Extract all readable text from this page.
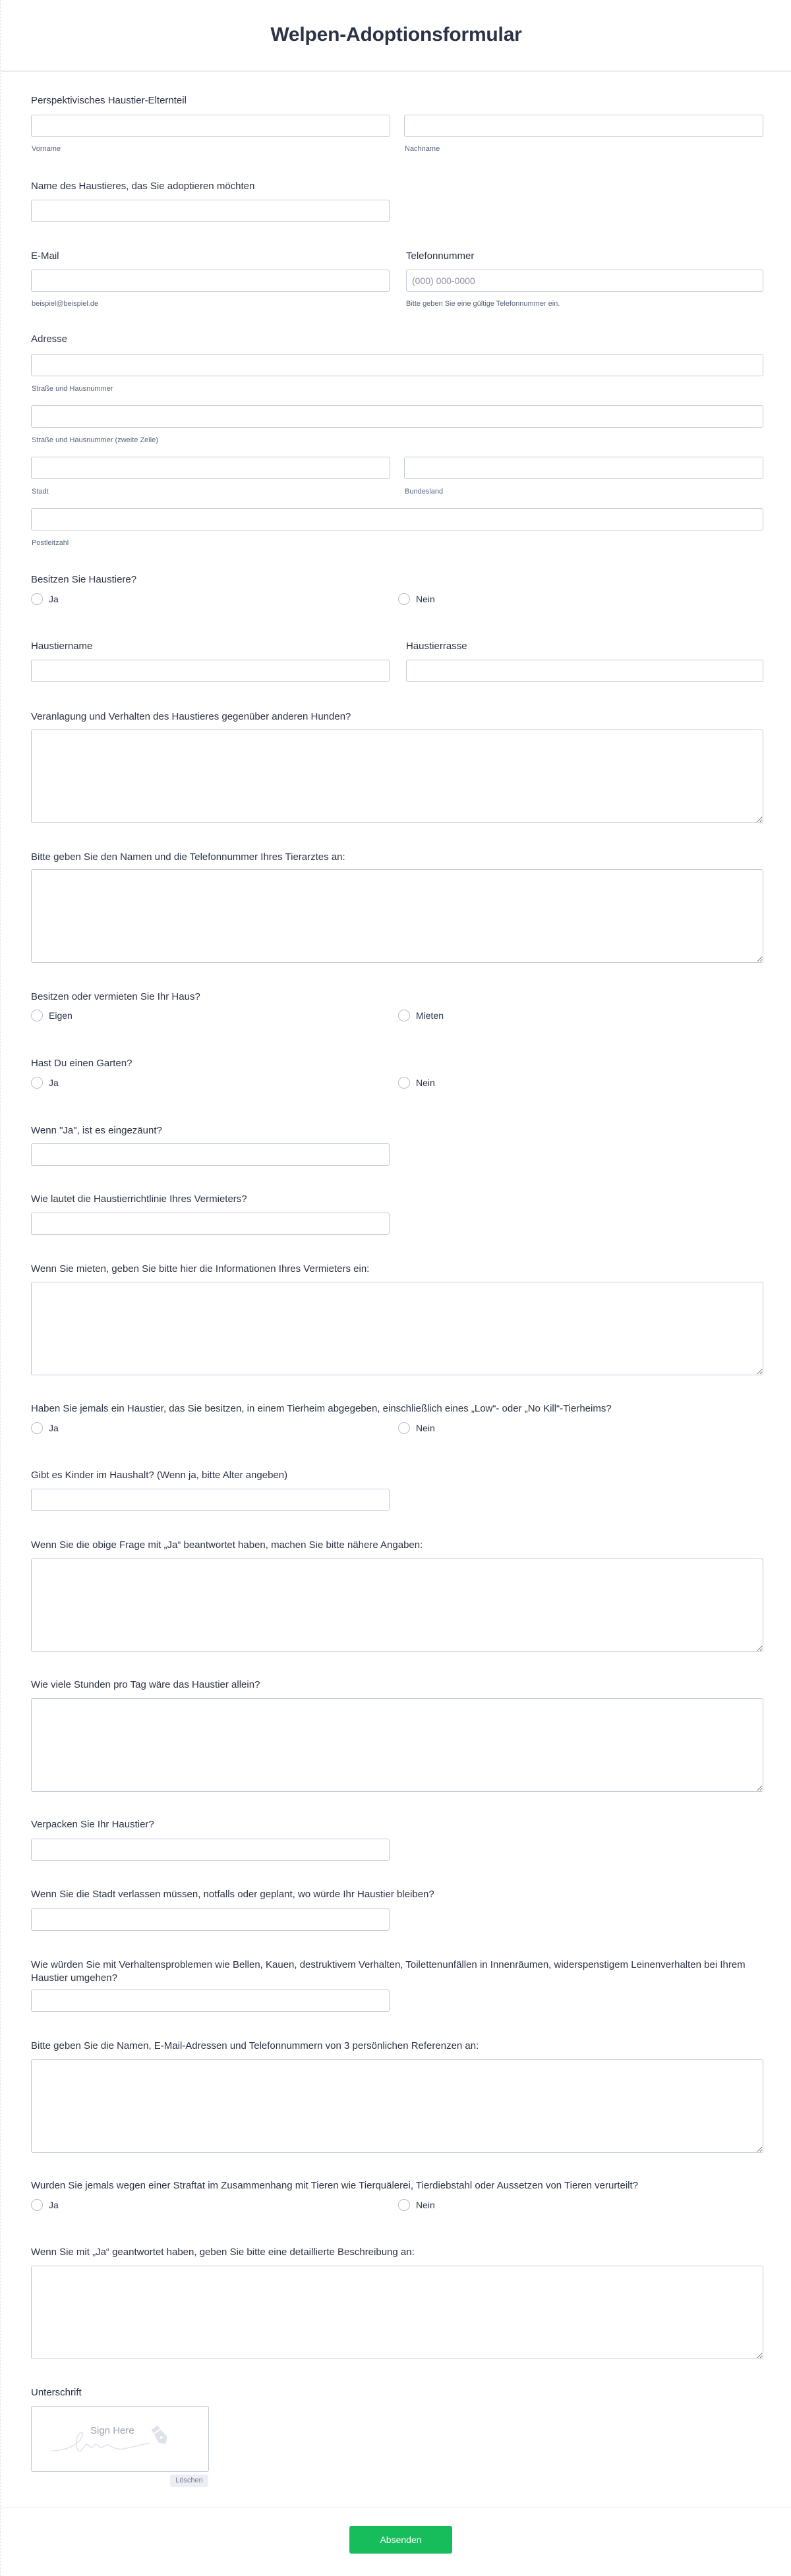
Welpen-Adoptionsformular
Perspektivisches Haustier-Elternteil
Vorname	Nachname
Name des Haustieres, das Sie adoptieren möchten
E-Mail	Telefonnummer
(000) 000-0000
beispiel@beispiel.de	Bitte geben Sie eine gültige Telefonnummer ein.
Adresse
Straße und Hausnummer
Straße und Hausnummer (zweite Zeile)
Stadt	Bundesland
Postleitzahl
Besitzen Sie Haustiere?
Ja	Nein
Haustiername	Haustierrasse
Veranlagung und Verhalten des Haustieres gegenüber anderen Hunden?
Bitte geben Sie den Namen und die Telefonnummer Ihres Tierarztes an:
Besitzen oder vermieten Sie Ihr Haus?
Eigen	Mieten
Hast Du einen Garten?
Ja	Nein
Wenn "Ja", ist es eingezäunt?
Wie lautet die Haustierrichtlinie Ihres Vermieters?
Wenn Sie mieten, geben Sie bitte hier die Informationen Ihres Vermieters ein:
Haben Sie jemals ein Haustier, das Sie besitzen, in einem Tierheim abgegeben, einschließlich eines „Low“- oder „No Kill“-Tierheims?
Ja	Nein
Gibt es Kinder im Haushalt? (Wenn ja, bitte Alter angeben)
Wenn Sie die obige Frage mit „Ja“ beantwortet haben, machen Sie bitte nähere Angaben:
Wie viele Stunden pro Tag wäre das Haustier allein?
Verpacken Sie Ihr Haustier?
Wenn Sie die Stadt verlassen müssen, notfalls oder geplant, wo würde Ihr Haustier bleiben?
Wie würden Sie mit Verhaltensproblemen wie Bellen, Kauen, destruktivem Verhalten, Toilettenunfällen in Innenräumen, widerspenstigem Leinenverhalten bei Ihrem Haustier umgehen?
Bitte geben Sie die Namen, E-Mail-Adressen und Telefonnummern von 3 persönlichen Referenzen an:
Wurden Sie jemals wegen einer Straftat im Zusammenhang mit Tieren wie Tierquälerei, Tierdiebstahl oder Aussetzen von Tieren verurteilt?
Ja	Nein
Wenn Sie mit „Ja“ geantwortet haben, geben Sie bitte eine detaillierte Beschreibung an:
Unterschrift
Sign Here
Löschen
Absenden
